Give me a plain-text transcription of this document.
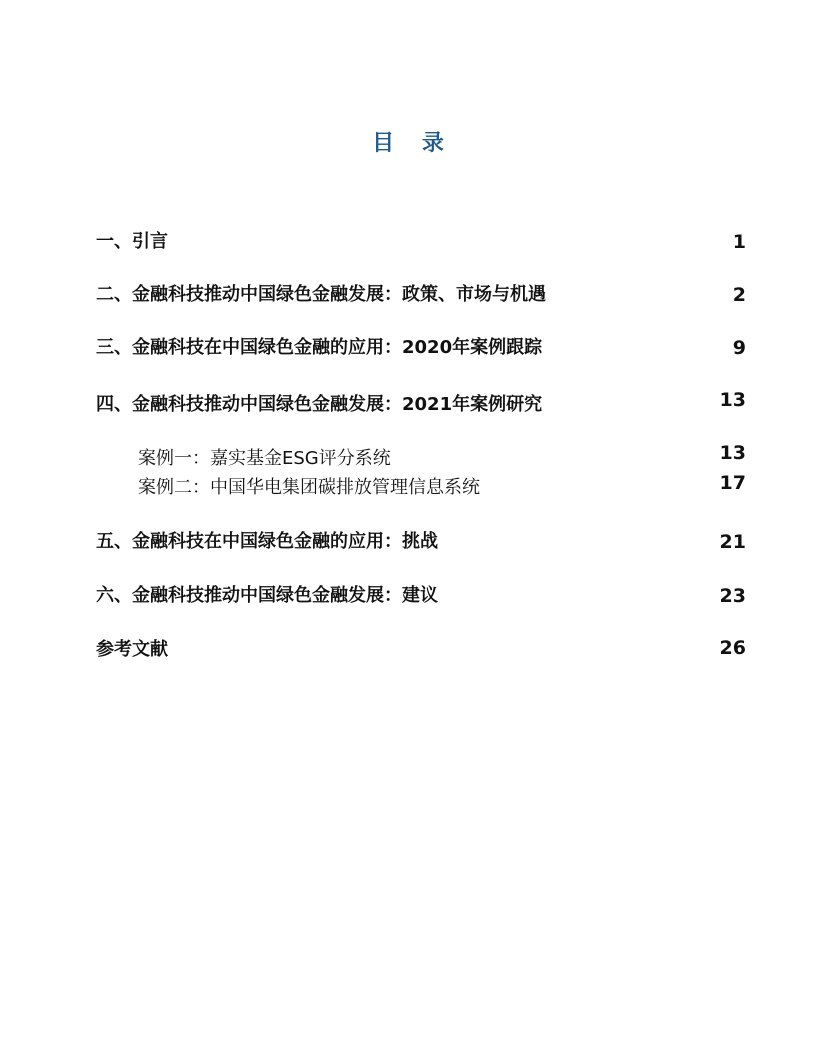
目 录
一、引言	1
二、金融科技推动中国绿色金融发展：政策、市场与机遇	2
三、金融科技在中国绿色金融的应用：2020年案例跟踪	9
四、金融科技推动中国绿色金融发展：2021年案例研究	13
案例一：嘉实基金ESG评分系统	13
案例二：中国华电集团碳排放管理信息系统	17
五、金融科技在中国绿色金融的应用：挑战	21
六、金融科技推动中国绿色金融发展：建议	23
参考文献	26
